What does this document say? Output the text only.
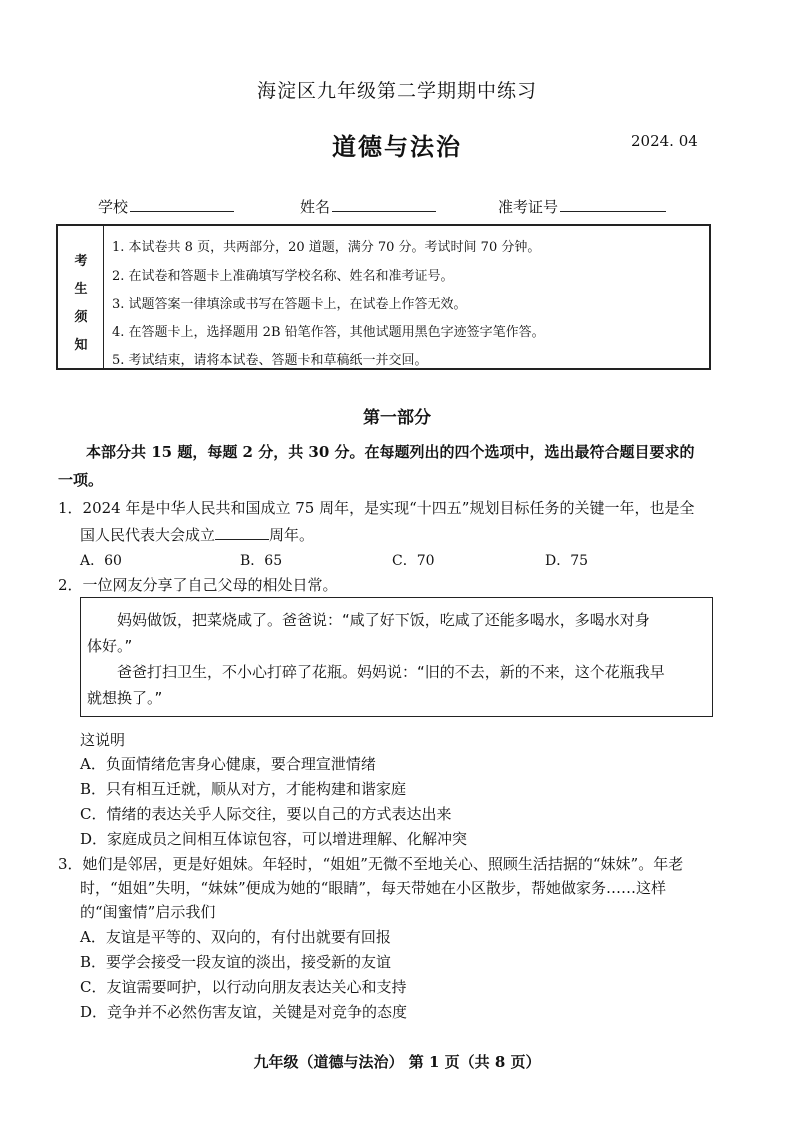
海淀区九年级第二学期期中练习
道德与法治	2024. 04
学校	姓名	准考证号
考
生
须
知
1. 本试卷共 8 页，共两部分，20 道题，满分 70 分。考试时间 70 分钟。
2. 在试卷和答题卡上准确填写学校名称、姓名和准考证号。
3. 试题答案一律填涂或书写在答题卡上，在试卷上作答无效。
4. 在答题卡上，选择题用 2B 铅笔作答，其他试题用黑色字迹签字笔作答。
5. 考试结束，请将本试卷、答题卡和草稿纸一并交回。
第一部分
本部分共 15 题，每题 2 分，共 30 分。在每题列出的四个选项中，选出最符合题目要求的
一项。
1．2024 年是中华人民共和国成立 75 周年，是实现“十四五”规划目标任务的关键一年，也是全
国人民代表大会成立	周年。
A．60	B．65	C．70	D．75
2．一位网友分享了自己父母的相处日常。
妈妈做饭，把菜烧咸了。爸爸说：“咸了好下饭，吃咸了还能多喝水，多喝水对身
体好。”
爸爸打扫卫生，不小心打碎了花瓶。妈妈说：“旧的不去，新的不来，这个花瓶我早
就想换了。”
这说明
A．负面情绪危害身心健康，要合理宣泄情绪
B．只有相互迁就，顺从对方，才能构建和谐家庭
C．情绪的表达关乎人际交往，要以自己的方式表达出来
D．家庭成员之间相互体谅包容，可以增进理解、化解冲突
3．她们是邻居，更是好姐妹。年轻时，“姐姐”无微不至地关心、照顾生活拮据的“妹妹”。年老
时，“姐姐”失明，“妹妹”便成为她的“眼睛”，每天带她在小区散步，帮她做家务……这样
的“闺蜜情”启示我们
A．友谊是平等的、双向的，有付出就要有回报
B．要学会接受一段友谊的淡出，接受新的友谊
C．友谊需要呵护，以行动向朋友表达关心和支持
D．竞争并不必然伤害友谊，关键是对竞争的态度
九年级（道德与法治） 第 1 页（共 8 页）
